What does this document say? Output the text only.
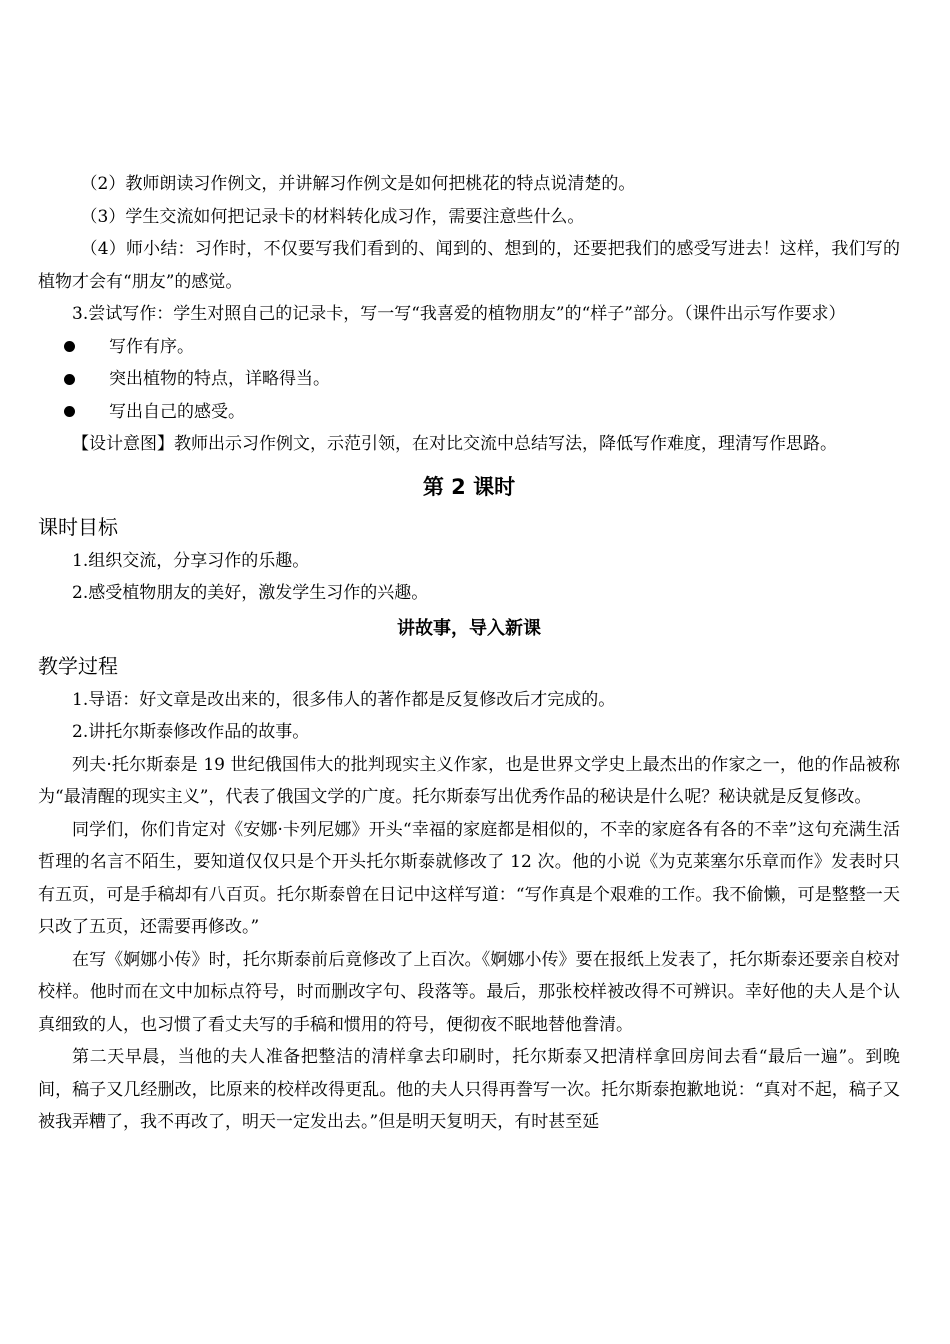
（2）教师朗读习作例文，并讲解习作例文是如何把桃花的特点说清楚的。

（3）学生交流如何把记录卡的材料转化成习作，需要注意些什么。

（4）师小结：习作时，不仅要写我们看到的、闻到的、想到的，还要把我们的感受写进去！这样，我们写的植物才会有“朋友”的感觉。

3.尝试写作：学生对照自己的记录卡，写一写“我喜爱的植物朋友”的“样子”部分。（课件出示写作要求）

写作有序。
突出植物的特点，详略得当。
写出自己的感受。

【设计意图】教师出示习作例文，示范引领，在对比交流中总结写法，降低写作难度，理清写作思路。

第 2 课时
课时目标

1.组织交流，分享习作的乐趣。

2.感受植物朋友的美好，激发学生习作的兴趣。

讲故事，导入新课
教学过程

1.导语：好文章是改出来的，很多伟人的著作都是反复修改后才完成的。

2.讲托尔斯泰修改作品的故事。

列夫·托尔斯泰是 19 世纪俄国伟大的批判现实主义作家，也是世界文学史上最杰出的作家之一，他的作品被称为“最清醒的现实主义”，代表了俄国文学的广度。托尔斯泰写出优秀作品的秘诀是什么呢？秘诀就是反复修改。

同学们，你们肯定对《安娜·卡列尼娜》开头“幸福的家庭都是相似的，不幸的家庭各有各的不幸”这句充满生活哲理的名言不陌生，要知道仅仅只是个开头托尔斯泰就修改了 12 次。他的小说《为克莱塞尔乐章而作》发表时只有五页，可是手稿却有八百页。托尔斯泰曾在日记中这样写道：“写作真是个艰难的工作。我不偷懒，可是整整一天只改了五页，还需要再修改。”

在写《婀娜小传》时，托尔斯泰前后竟修改了上百次。《婀娜小传》要在报纸上发表了，托尔斯泰还要亲自校对校样。他时而在文中加标点符号，时而删改字句、段落等。最后，那张校样被改得不可辨识。幸好他的夫人是个认真细致的人，也习惯了看丈夫写的手稿和惯用的符号，便彻夜不眠地替他誊清。

第二天早晨，当他的夫人准备把整洁的清样拿去印刷时，托尔斯泰又把清样拿回房间去看“最后一遍”。到晚间，稿子又几经删改，比原来的校样改得更乱。他的夫人只得再誊写一次。托尔斯泰抱歉地说：“真对不起，稿子又被我弄糟了，我不再改了，明天一定发出去。”但是明天复明天，有时甚至延
